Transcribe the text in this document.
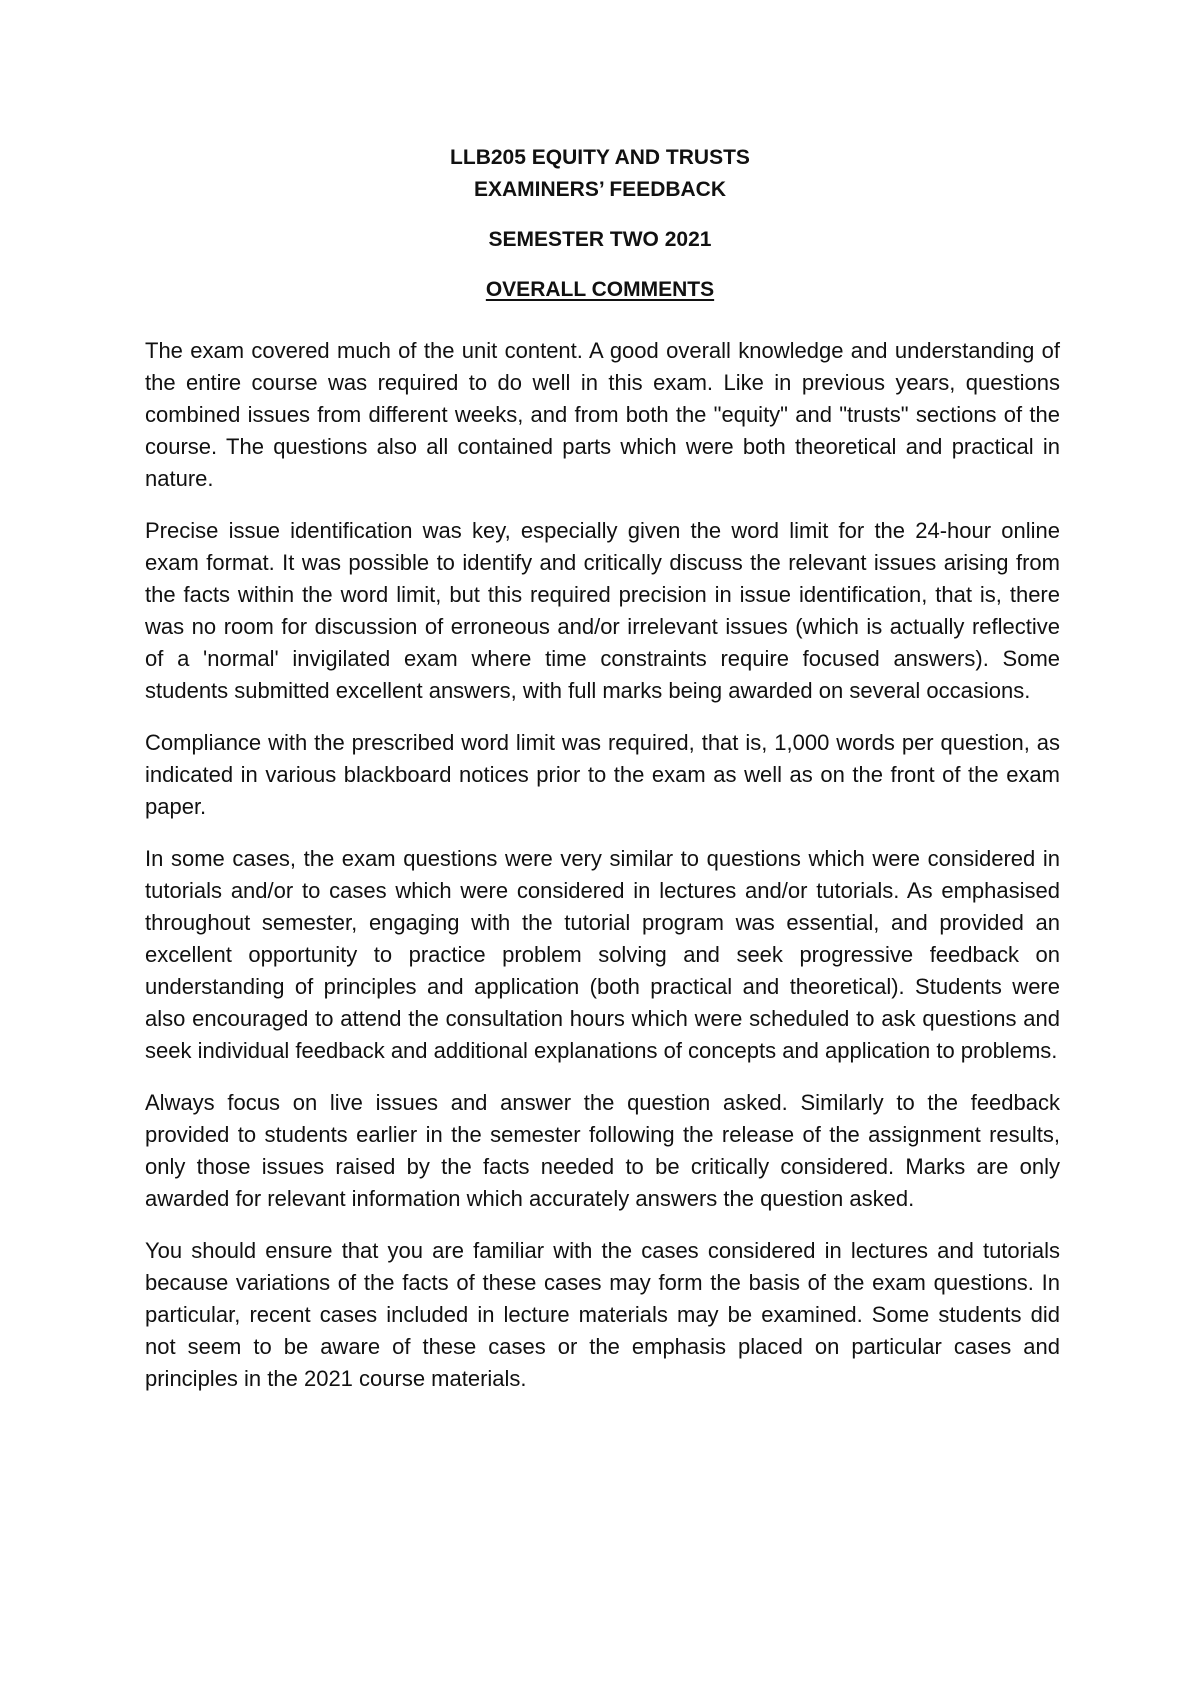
LLB205 EQUITY AND TRUSTS

EXAMINERS’ FEEDBACK

SEMESTER TWO 2021

OVERALL COMMENTS

The exam covered much of the unit content. A good overall knowledge and understanding of the entire course was required to do well in this exam. Like in previous years, questions combined issues from different weeks, and from both the "equity" and "trusts" sections of the course. The questions also all contained parts which were both theoretical and practical in nature.

Precise issue identification was key, especially given the word limit for the 24-hour online exam format. It was possible to identify and critically discuss the relevant issues arising from the facts within the word limit, but this required precision in issue identification, that is, there was no room for discussion of erroneous and/or irrelevant issues (which is actually reflective of a 'normal' invigilated exam where time constraints require focused answers). Some students submitted excellent answers, with full marks being awarded on several occasions.

Compliance with the prescribed word limit was required, that is, 1,000 words per question, as indicated in various blackboard notices prior to the exam as well as on the front of the exam paper.

In some cases, the exam questions were very similar to questions which were considered in tutorials and/or to cases which were considered in lectures and/or tutorials. As emphasised throughout semester, engaging with the tutorial program was essential, and provided an excellent opportunity to practice problem solving and seek progressive feedback on understanding of principles and application (both practical and theoretical). Students were also encouraged to attend the consultation hours which were scheduled to ask questions and seek individual feedback and additional explanations of concepts and application to problems.

Always focus on live issues and answer the question asked. Similarly to the feedback provided to students earlier in the semester following the release of the assignment results, only those issues raised by the facts needed to be critically considered. Marks are only awarded for relevant information which accurately answers the question asked.

You should ensure that you are familiar with the cases considered in lectures and tutorials because variations of the facts of these cases may form the basis of the exam questions. In particular, recent cases included in lecture materials may be examined. Some students did not seem to be aware of these cases or the emphasis placed on particular cases and principles in the 2021 course materials.
